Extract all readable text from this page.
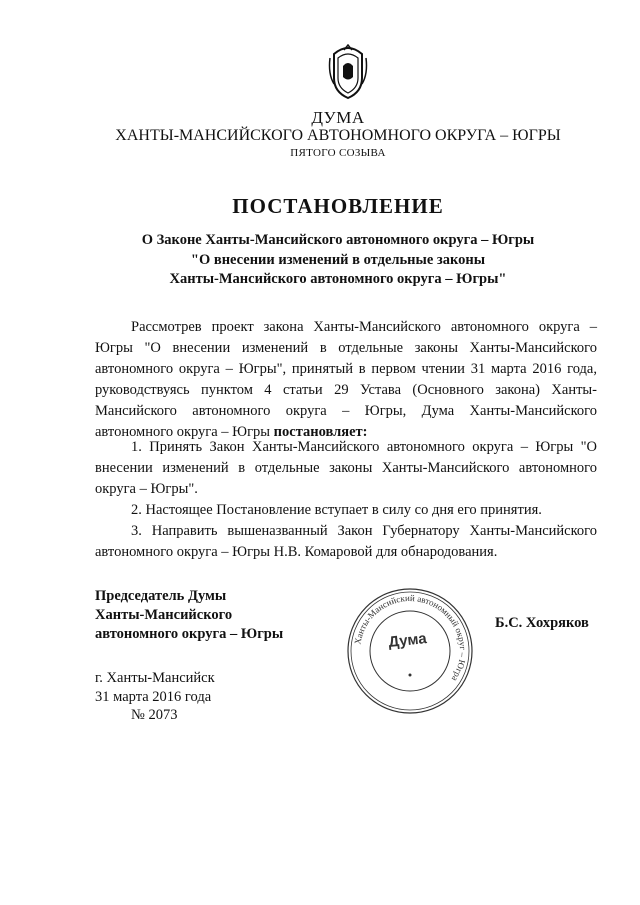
ДУМА
ХАНТЫ-МАНСИЙСКОГО АВТОНОМНОГО ОКРУГА – ЮГРЫ
ПЯТОГО СОЗЫВА
ПОСТАНОВЛЕНИЕ
О Законе Ханты-Мансийского автономного округа – Югры
"О внесении изменений в отдельные законы
Ханты-Мансийского автономного округа – Югры"
Рассмотрев проект закона Ханты-Мансийского автономного округа – Югры "О внесении изменений в отдельные законы Ханты-Мансийского автономного округа – Югры", принятый в первом чтении 31 марта 2016 года, руководствуясь пунктом 4 статьи 29 Устава (Основного закона) Ханты-Мансийского автономного округа – Югры, Дума Ханты-Мансийского автономного округа – Югры постановляет:

1. Принять Закон Ханты-Мансийского автономного округа – Югры "О внесении изменений в отдельные законы Ханты-Мансийского автономного округа – Югры".

2. Настоящее Постановление вступает в силу со дня его принятия.

3. Направить вышеназванный Закон Губернатору Ханты-Мансийского автономного округа – Югры Н.В. Комаровой для обнародования.

Председатель Думы
Ханты-Мансийского
автономного округа – Югры	Ханты-Мансийский автономный округ – Югра
Дума
Б.С. Хохряков
г. Ханты-Мансийск
31 марта 2016 года
№ 2073
